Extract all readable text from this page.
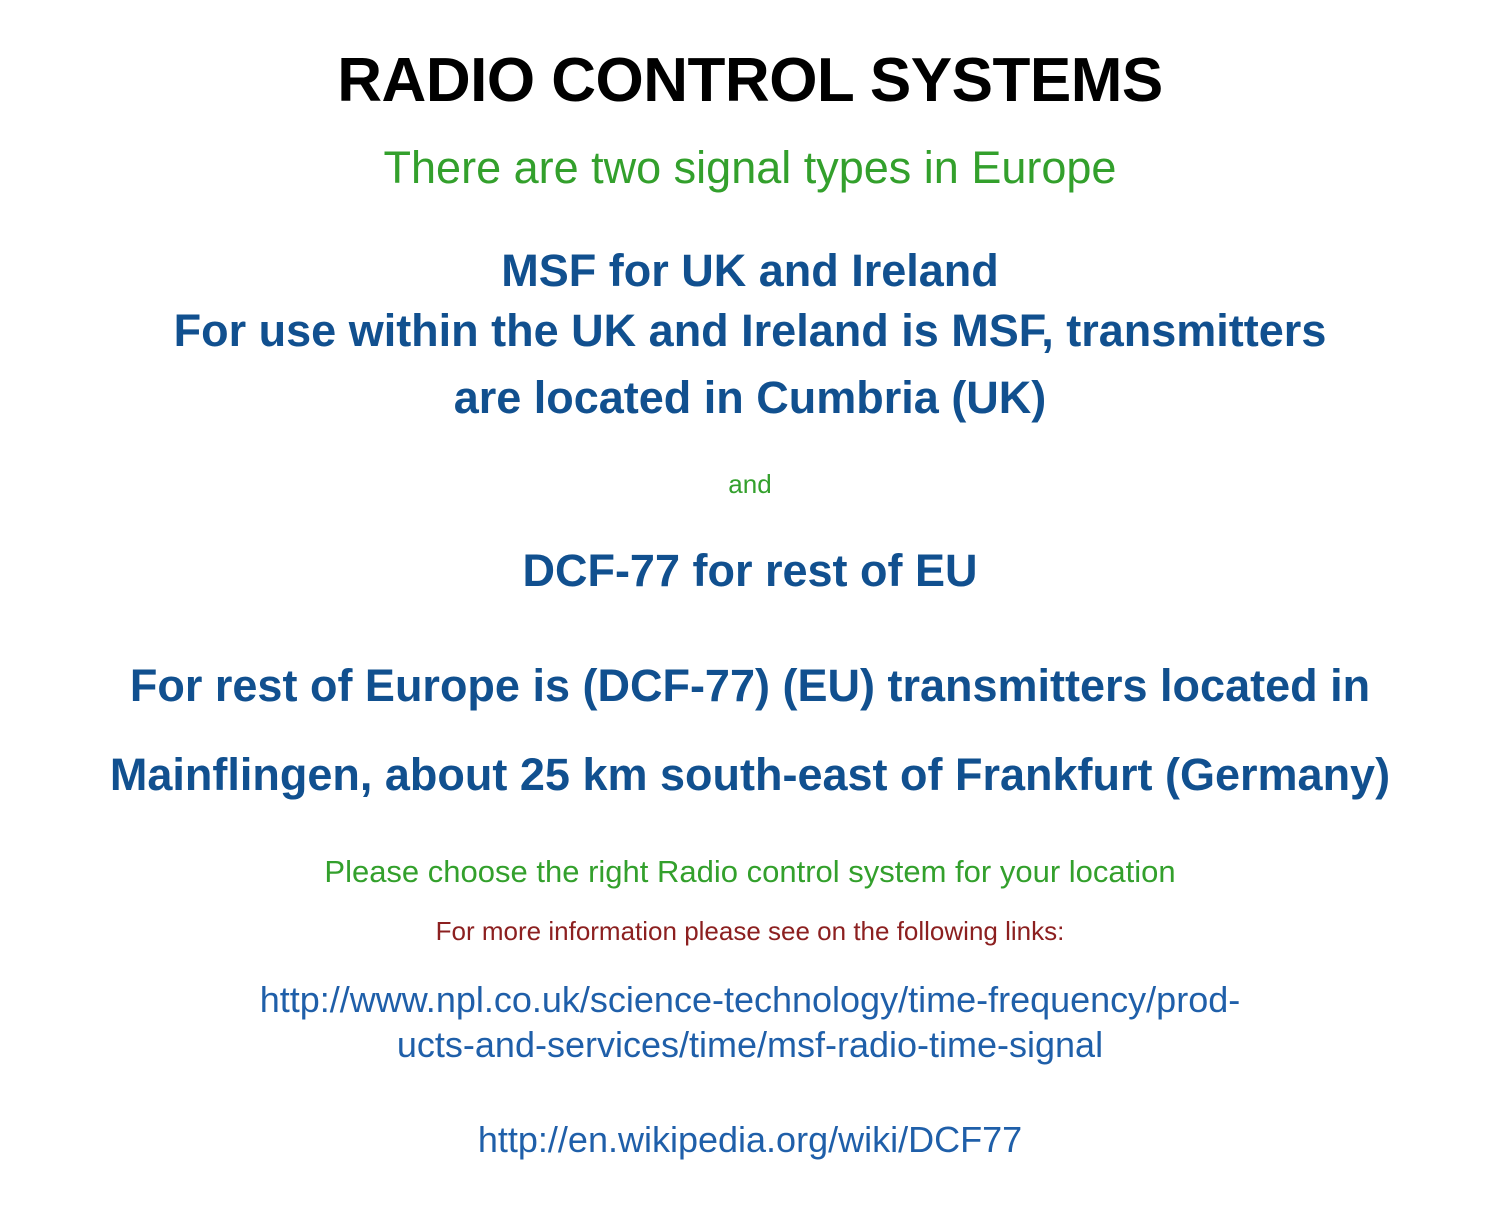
RADIO CONTROL SYSTEMS

There are two signal types in Europe

MSF for UK and Ireland

For use within the UK and Ireland is MSF, transmitters

are located in Cumbria (UK)

and

DCF-77 for rest of EU

For rest of Europe is (DCF-77) (EU) transmitters located in

Mainflingen, about 25 km south-east of Frankfurt (Germany)

Please choose the right Radio control system for your location

For more information please see on the following links:

http://www.npl.co.uk/science-technology/time-frequency/prod-
ucts-and-services/time/msf-radio-time-signal
http://en.wikipedia.org/wiki/DCF77
